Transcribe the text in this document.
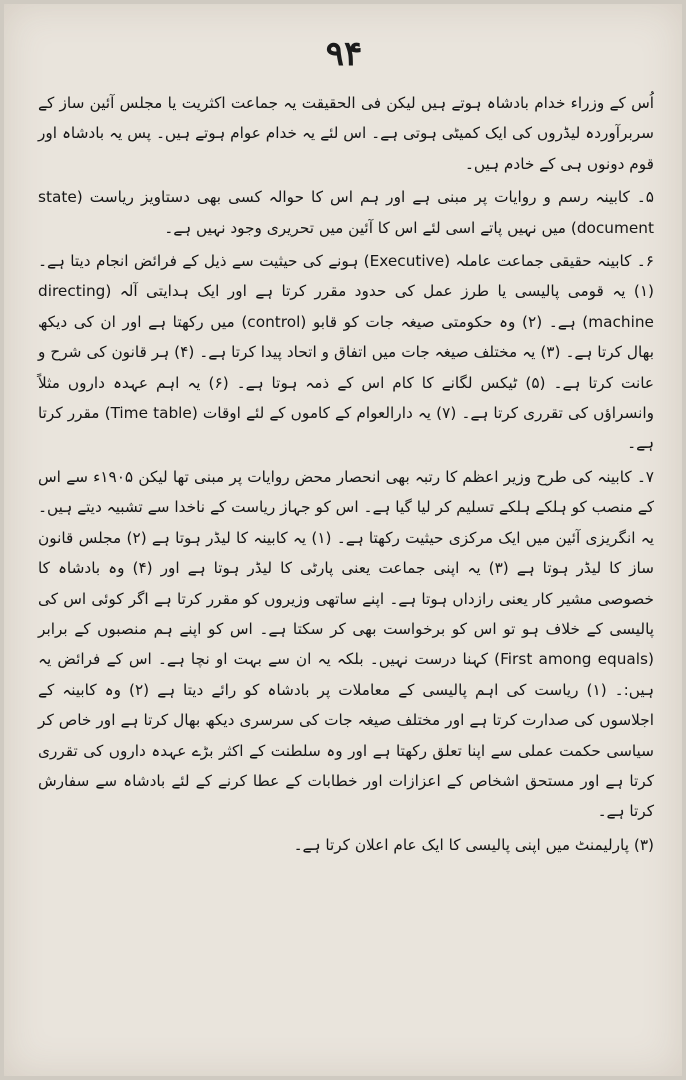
۹۴

اُس کے وزراء خدام بادشاہ ہوتے ہیں لیکن فی الحقیقت یہ جماعت اکثریت یا مجلس آئین ساز کے سربرآوردہ لیڈروں کی ایک کمیٹی ہوتی ہے۔ اس لئے یہ خدام عوام ہوتے ہیں۔ پس یہ بادشاہ اور قوم دونوں ہی کے خادم ہیں۔

۵۔ کابینہ رسم و روایات پر مبنی ہے اور ہم اس کا حوالہ کسی بھی دستاویز ریاست (state document) میں نہیں پاتے اسی لئے اس کا آئین میں تحریری وجود نہیں ہے۔

۶۔ کابینہ حقیقی جماعت عاملہ (Executive) ہونے کی حیثیت سے ذیل کے فرائض انجام دیتا ہے۔ (۱) یہ قومی پالیسی یا طرز عمل کی حدود مقرر کرتا ہے اور ایک ہدایتی آلہ (directing machine) ہے۔ (۲) وہ حکومتی صیغہ جات کو قابو (control) میں رکھتا ہے اور ان کی دیکھ بھال کرتا ہے۔ (۳) یہ مختلف صیغہ جات میں اتفاق و اتحاد پیدا کرتا ہے۔ (۴) ہر قانون کی شرح و عانت کرتا ہے۔ (۵) ٹیکس لگانے کا کام اس کے ذمہ ہوتا ہے۔ (۶) یہ اہم عہدہ داروں مثلاً وانسراؤں کی تقرری کرتا ہے۔ (۷) یہ دارالعوام کے کاموں کے لئے اوقات (Time table) مقرر کرتا ہے۔

۷۔ کابینہ کی طرح وزیر اعظم کا رتبہ بھی انحصار محض روایات پر مبنی تھا لیکن ۱۹۰۵ء سے اس کے منصب کو ہلکے ہلکے تسلیم کر لیا گیا ہے۔ اس کو جہاز ریاست کے ناخدا سے تشبیہ دیتے ہیں۔ یہ انگریزی آئین میں ایک مرکزی حیثیت رکھتا ہے۔ (۱) یہ کابینہ کا لیڈر ہوتا ہے (۲) مجلس قانون ساز کا لیڈر ہوتا ہے (۳) یہ اپنی جماعت یعنی پارٹی کا لیڈر ہوتا ہے اور (۴) وہ بادشاہ کا خصوصی مشیر کار یعنی رازداں ہوتا ہے۔ اپنے ساتھی وزیروں کو مقرر کرتا ہے اگر کوئی اس کی پالیسی کے خلاف ہو تو اس کو برخواست بھی کر سکتا ہے۔ اس کو اپنے ہم منصبوں کے برابر (First among equals) کہنا درست نہیں۔ بلکہ یہ ان سے بہت او نچا ہے۔ اس کے فرائض یہ ہیں:۔ (۱) ریاست کی اہم پالیسی کے معاملات پر بادشاہ کو رائے دیتا ہے (۲) وہ کابینہ کے اجلاسوں کی صدارت کرتا ہے اور مختلف صیغہ جات کی سرسری دیکھ بھال کرتا ہے اور خاص کر سیاسی حکمت عملی سے اپنا تعلق رکھتا ہے اور وہ سلطنت کے اکثر بڑے عہدہ داروں کی تقرری کرتا ہے اور مستحق اشخاص کے اعزازات اور خطابات کے عطا کرنے کے لئے بادشاہ سے سفارش کرتا ہے۔

(۳) پارلیمنٹ میں اپنی پالیسی کا ایک عام اعلان کرتا ہے۔
